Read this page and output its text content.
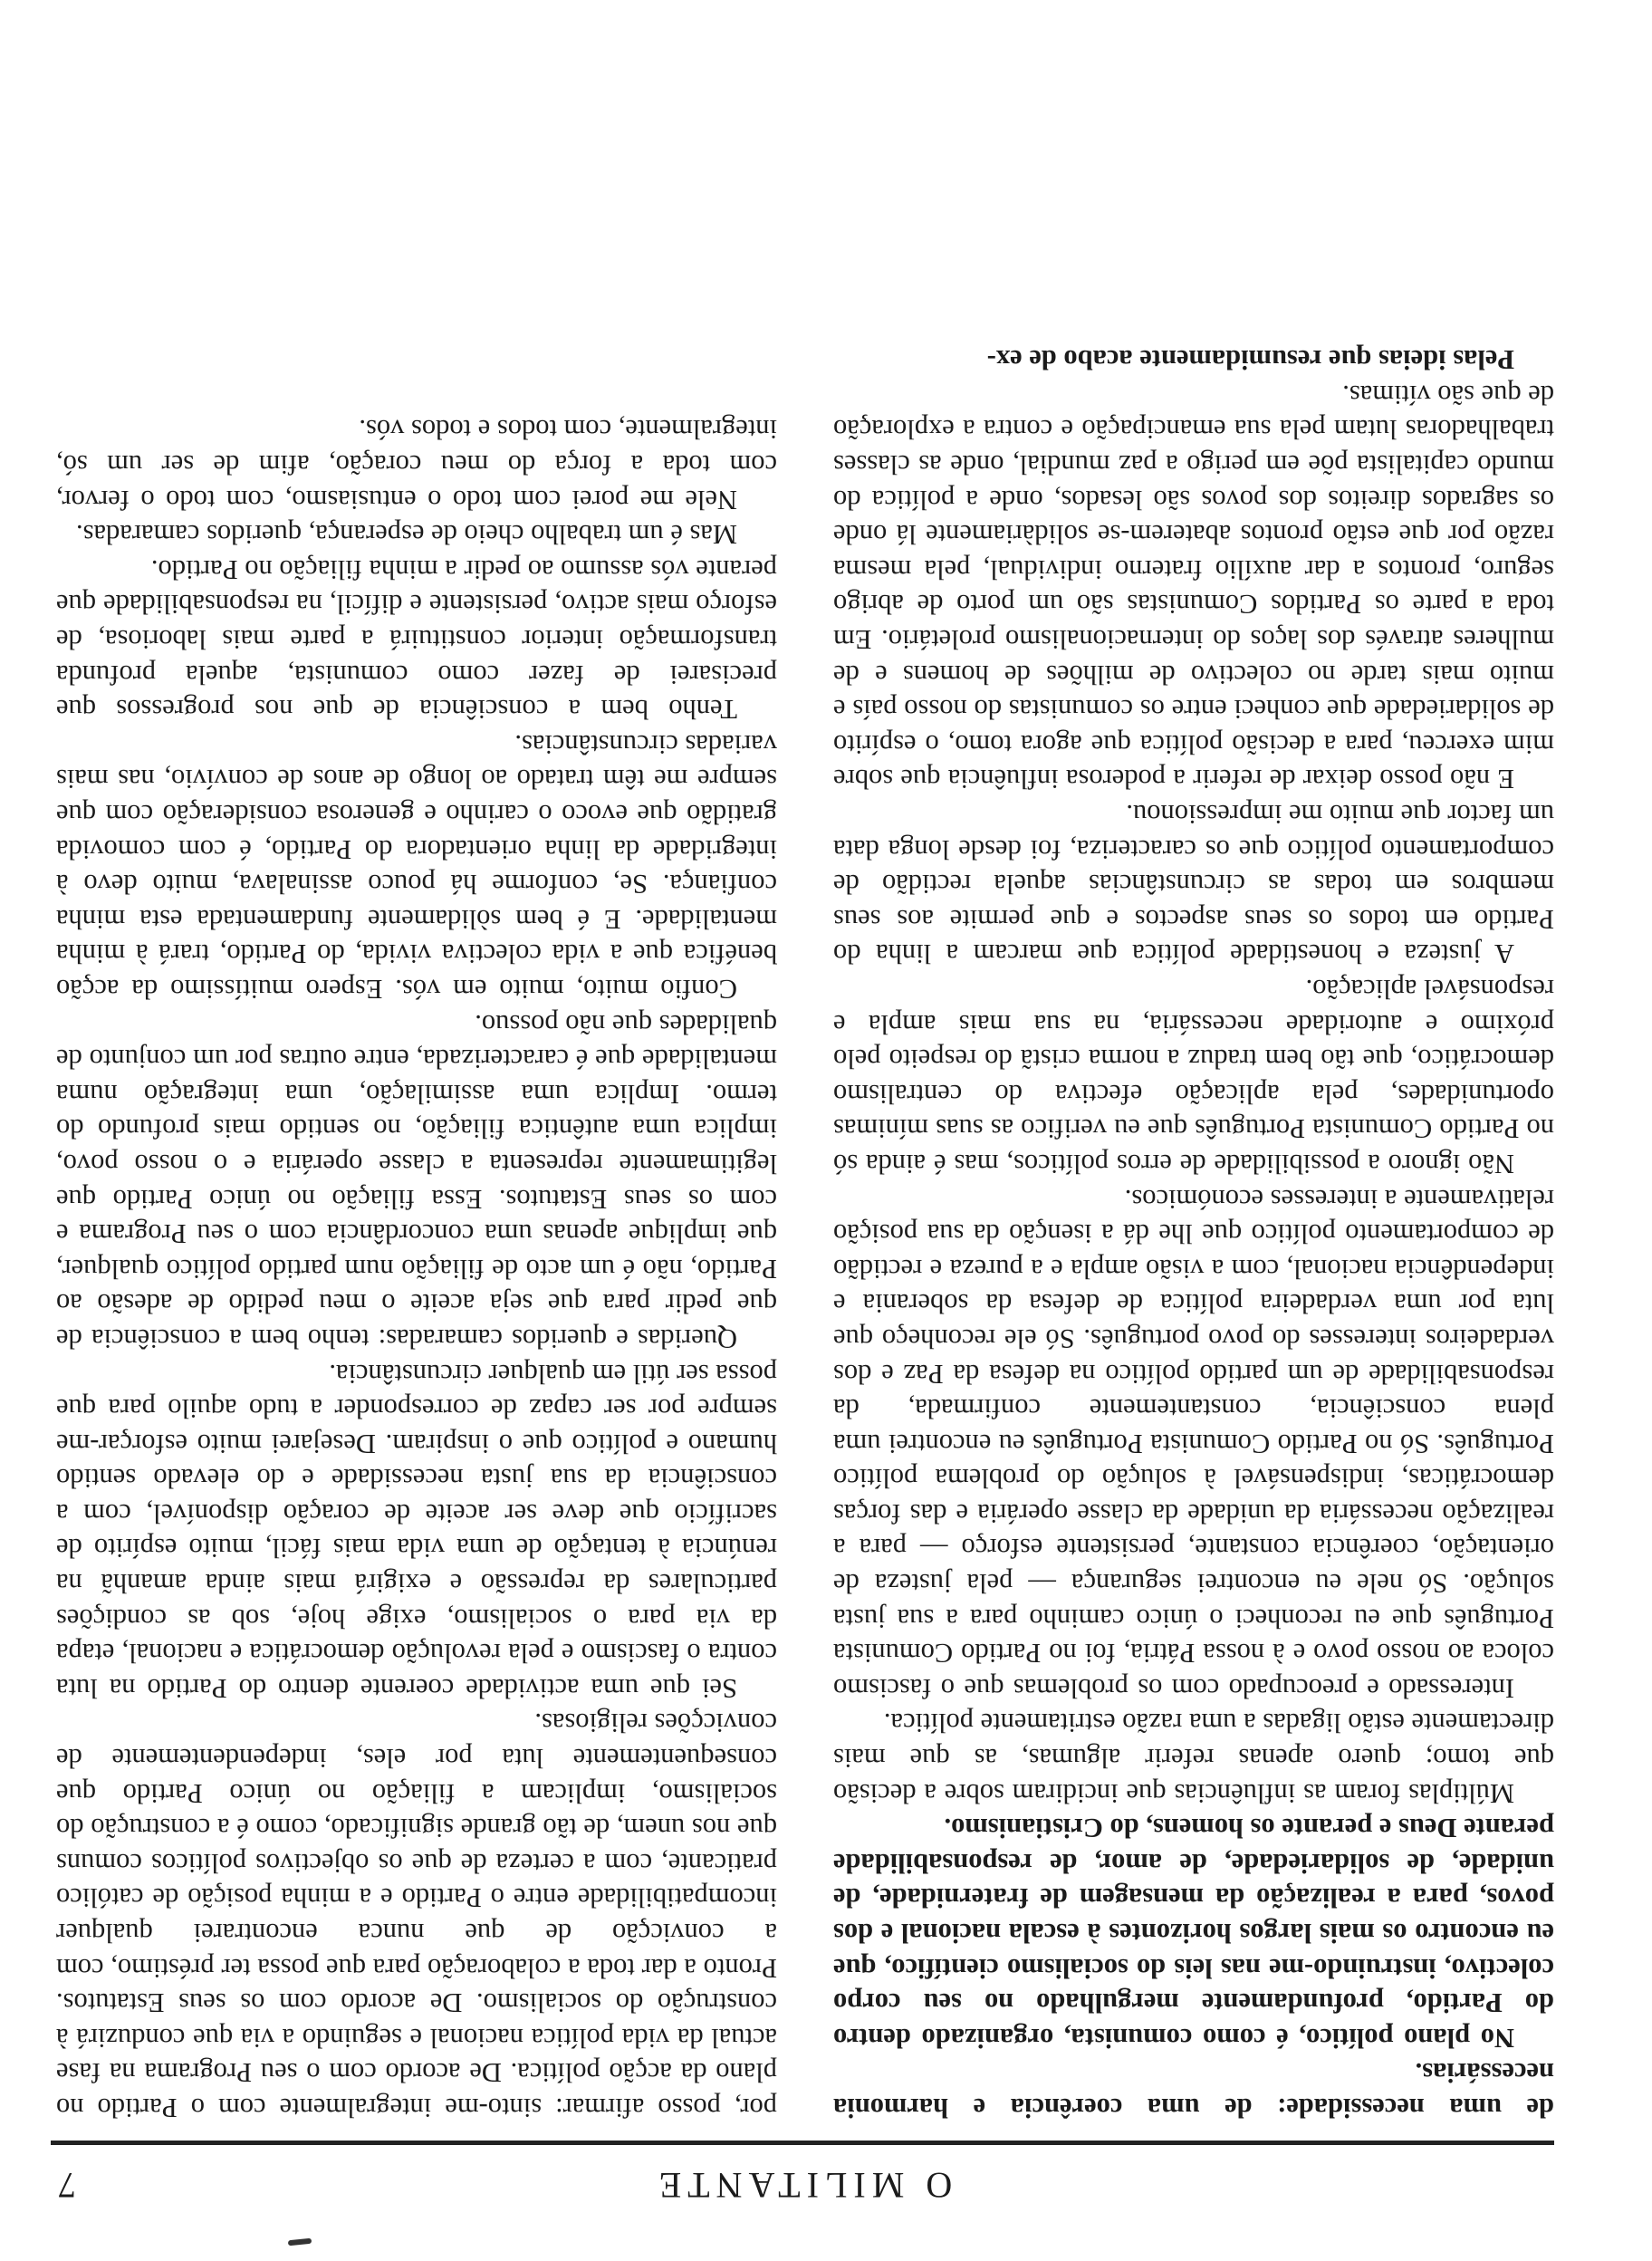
O MILITANTE
7

de uma necessidade: de uma coerência e harmonia necessárias.

No plano político, é como comunista, organizado dentro do Partido, profundamente mergulhado no seu corpo colectivo, instruindo-me nas leis do socialismo científico, que eu encontro os mais largos horizontes à escala nacional e dos povos, para a realização da mensagem de fraternidade, de unidade, de solidariedade, de amor, de responsabilidade perante Deus e perante os homens, do Cristianismo.

Múltiplas foram as influências que incidiram sobre a decisão que tomo; quero apenas referir algumas, as que mais directamente estão ligadas a uma razão estritamente política.

Interessado e preocupado com os problemas que o fascismo coloca ao nosso povo e à nossa Pátria, foi no Partido Comunista Português que eu reconheci o único caminho para a sua justa solução. Só nele eu encontrei segurança — pela justeza de orientação, coerência constante, persistente esforço — para a realização necessária da unidade da classe operária e das forças democráticas, indispensável à solução do problema político Português. Só no Partido Comunista Português eu encontrei uma plena consciência, constantemente confirmada, da responsabilidade de um partido político na defesa da Paz e dos verdadeiros interesses do povo português. Só ele reconheço que luta por uma verdadeira política de defesa da soberania e independência nacional, com a visão ampla e a pureza e rectidão de comportamento político que lhe dá a isenção da sua posição relativamente a interesses económicos.

Não ignoro a possibilidade de erros políticos, mas é ainda só no Partido Comunista Português que eu verifico as suas mínimas oportunidades, pela aplicação efectiva do centralismo democrático, que tão bem traduz a norma cristã do respeito pelo próximo e autoridade necessária, na sua mais ampla e responsável aplicação.

A justeza e honestidade política que marcam a linha do Partido em todos os seus aspectos e que permite aos seus membros em todas as circunstâncias aquela rectidão de comportamento político que os caracteriza, foi desde longa data um factor que muito me impressionou.

E não posso deixar de referir a poderosa influência que sobre mim exerceu, para a decisão política que agora tomo, o espírito de solidariedade que conheci entre os comunistas do nosso país e muito mais tarde no colectivo de milhões de homens e de mulheres através dos laços do internacionalismo proletário. Em toda a parte os Partidos Comunistas são um porto de abrigo seguro, prontos a dar auxílio fraterno individual, pela mesma razão por que estão prontos abaterem-se solidàriamente lá onde os sagrados direitos dos povos são lesados, onde a política do mundo capitalista põe em perigo a paz mundial, onde as classes trabalhadoras lutam pela sua emancipação e contra a exploração de que são vítimas.

Pelas ideias que resumidamente acabo de ex-

por, posso afirmar: sinto-me integralmente com o Partido no plano da acção política. De acordo com o seu Programa na fase actual da vida política nacional e seguindo a via que conduzirá à construção do socialismo. De acordo com os seus Estatutos. Pronto a dar toda a colaboração para que possa ter préstimo, com a convicção de que nunca encontrarei qualquer incompatibilidade entre o Partido e a minha posição de católico praticante, com a certeza de que os objectivos políticos comuns que nos unem, de tão grande significado, como é a construção do socialismo, implicam a filiação no único Partido que consequentemente luta por eles, independentemente de convicções religiosas.

Sei que uma actividade coerente dentro do Partido na luta contra o fascismo e pela revolução democrática e nacional, etapa da via para o socialismo, exige hoje, sob as condições particulares da repressão e exigirá mais ainda amanhã na renúncia à tentação de uma vida mais fácil, muito espírito de sacrifício que deve ser aceite de coração disponível, com a consciência da sua justa necessidade e do elevado sentido humano e político que o inspiram. Desejarei muito esforçar-me sempre por ser capaz de corresponder a tudo aquilo para que possa ser útil em qualquer circunstância.

Queridas e queridos camaradas: tenho bem a consciência de que pedir para que seja aceite o meu pedido de adesão ao Partido, não é um acto de filiação num partido político qualquer, que implique apenas uma concordância com o seu Programa e com os seus Estatutos. Essa filiação no único Partido que legitimamente representa a classe operária e o nosso povo, implica uma autêntica filiação, no sentido mais profundo do termo. Implica uma assimilação, uma integração numa mentalidade que é caracterizada, entre outras por um conjunto de qualidades que não possuo.

Confio muito, muito em vós. Espero muitíssimo da acção benéfica que a vida colectiva vivida, do Partido, trará à minha mentalidade. E é bem sòlidamente fundamentada esta minha confiança. Se, conforme há pouco assinalava, muito devo à integridade da linha orientadora do Partido, é com comovida gratidão que evoco o carinho e generosa consideração com que sempre me têm tratado ao longo de anos de convívio, nas mais variadas circunstâncias.

Tenho bem a consciência de que nos progressos que precisarei de fazer como comunista, aquela profunda transformação interior constituirá a parte mais laboriosa, de esforço mais activo, persistente e difícil, na responsabilidade que perante vós assumo ao pedir a minha filiação no Partido.

Mas é um trabalho cheio de esperança, queridos camaradas.

Nele me porei com todo o entusiasmo, com todo o fervor, com toda a força do meu coração, afim de ser um só, integralmente, com todos e todos vós.
